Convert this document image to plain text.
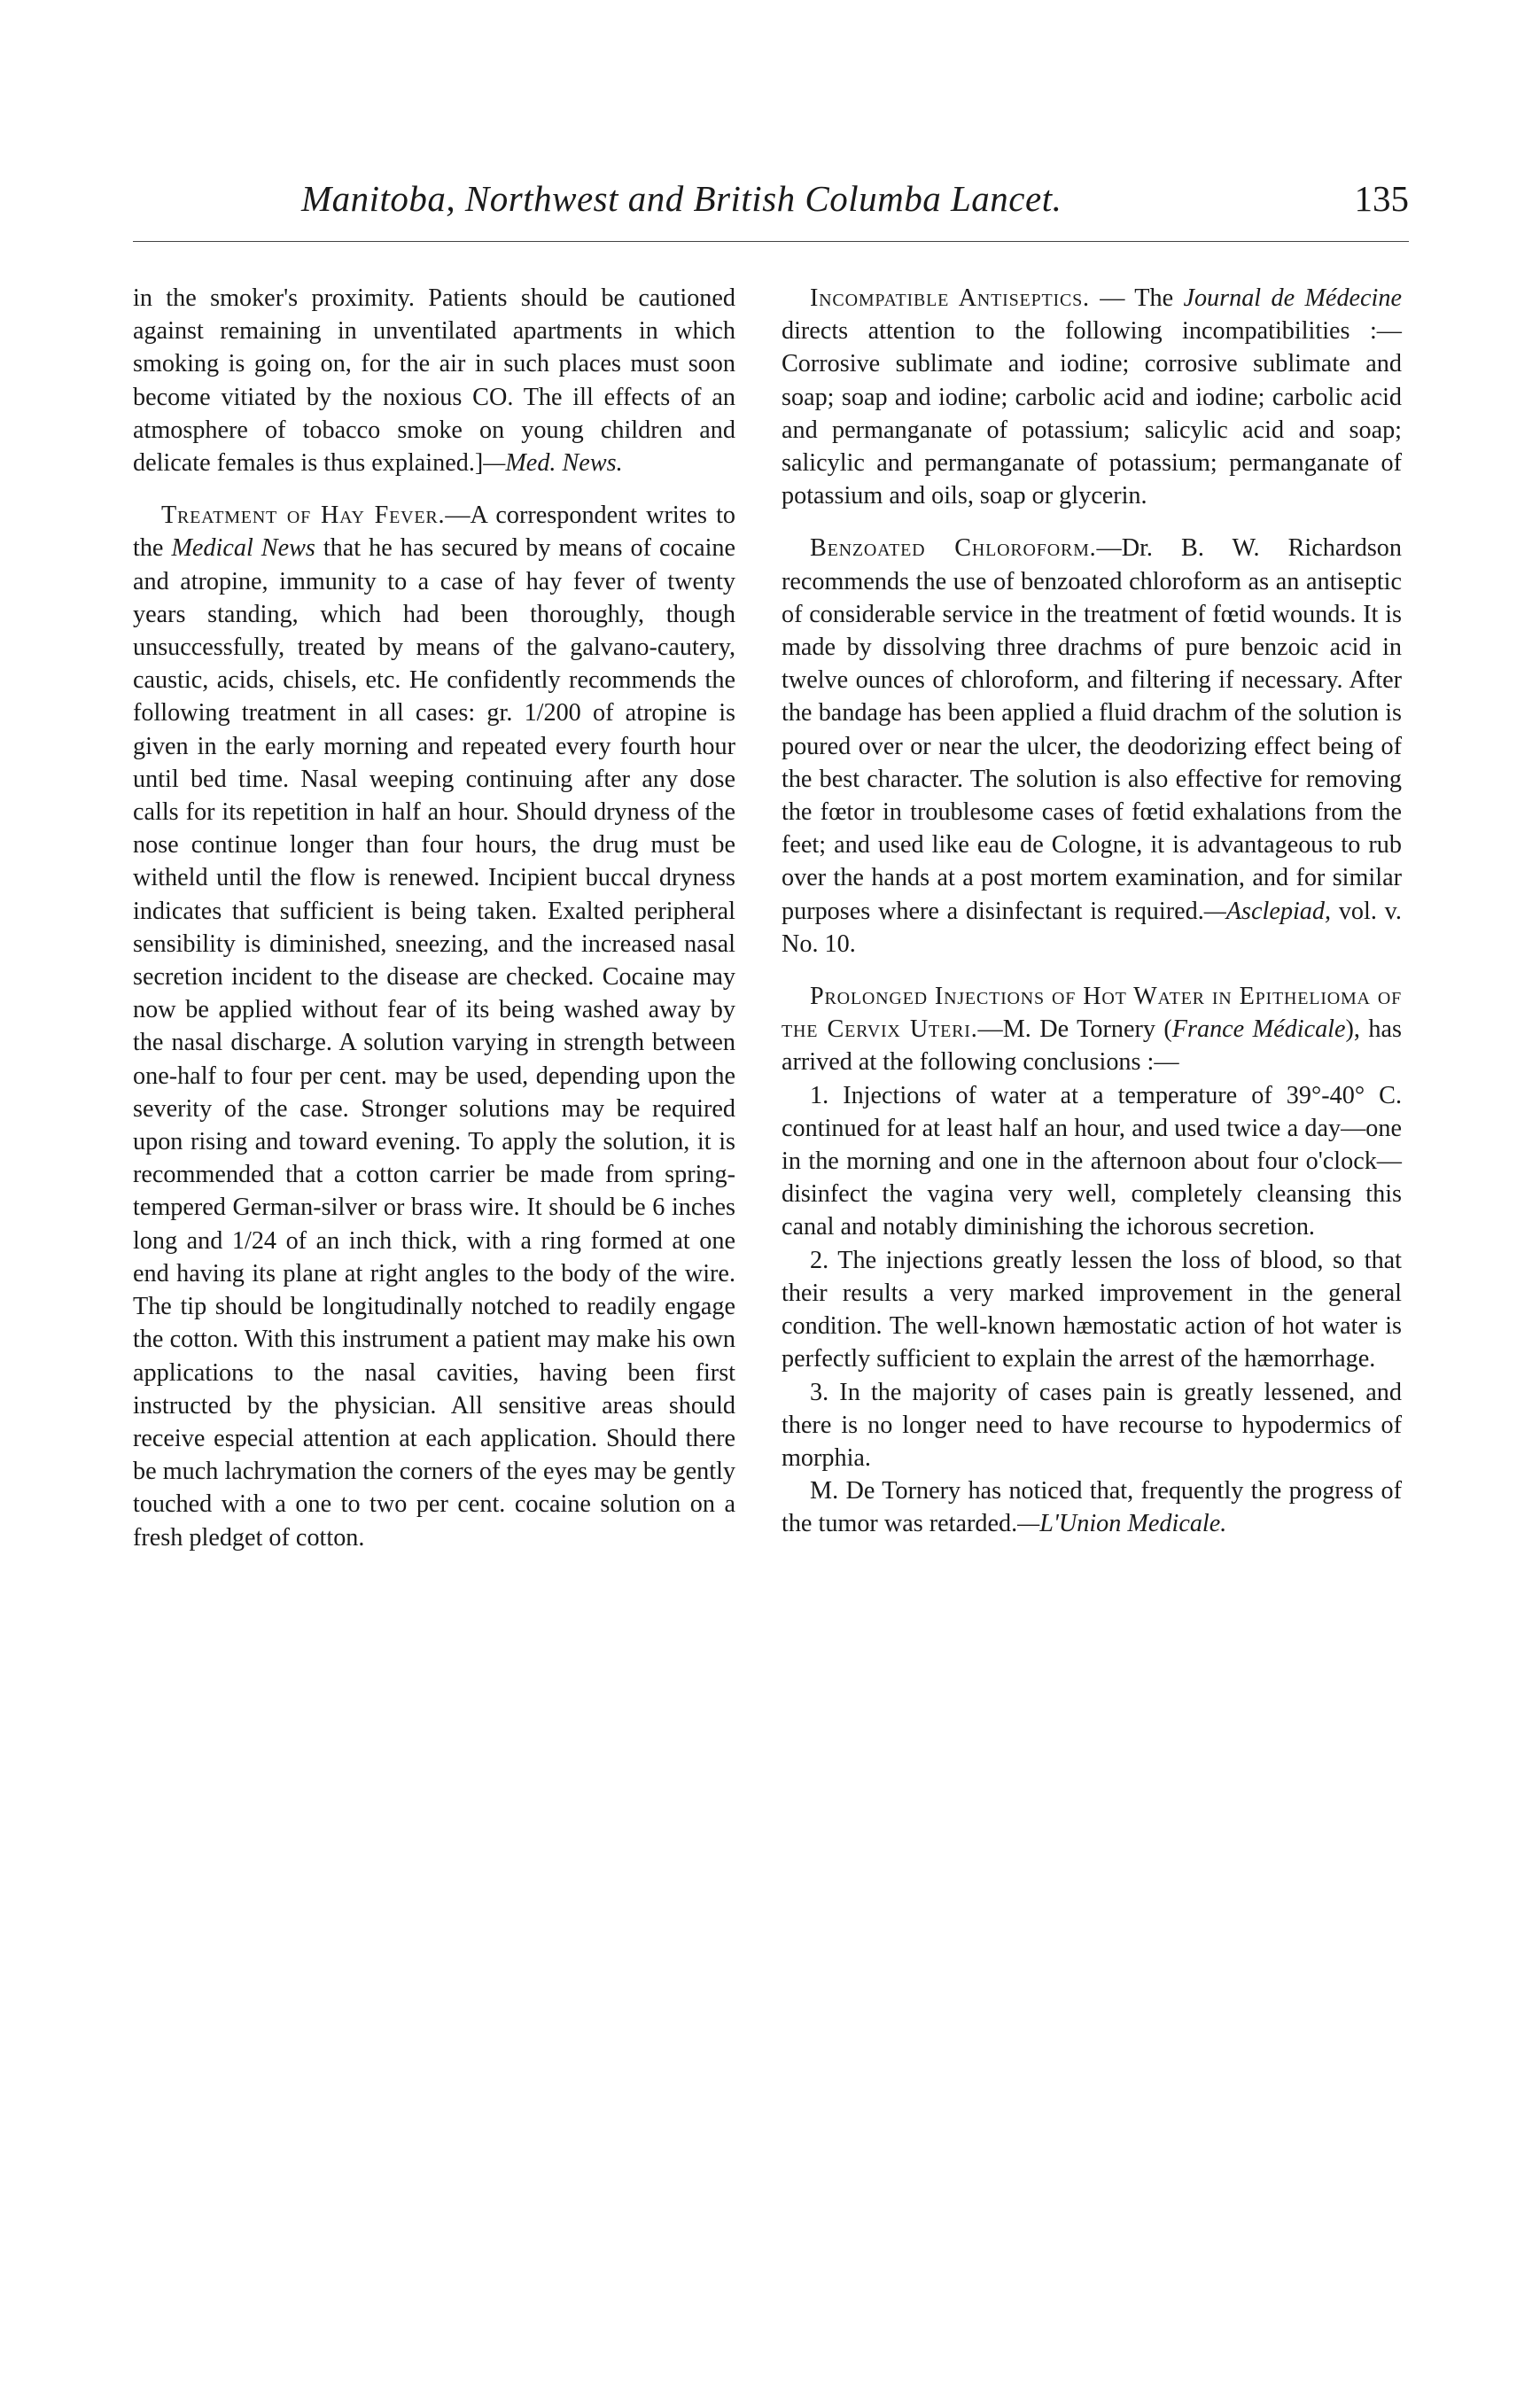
Manitoba, Northwest and British Columba Lancet.	135

in the smoker's proximity. Patients should be cautioned against remaining in unventilated apartments in which smoking is going on, for the air in such places must soon become vitiated by the noxious CO. The ill effects of an atmosphere of tobacco smoke on young children and delicate females is thus explained.]—Med. News.

Treatment of Hay Fever.—A correspondent writes to the Medical News that he has secured by means of cocaine and atropine, immunity to a case of hay fever of twenty years standing, which had been thoroughly, though unsuccessfully, treated by means of the galvano-cautery, caustic, acids, chisels, etc. He confidently recommends the following treatment in all cases: gr. 1/200 of atropine is given in the early morning and repeated every fourth hour until bed time. Nasal weeping continuing after any dose calls for its repetition in half an hour. Should dryness of the nose continue longer than four hours, the drug must be witheld until the flow is renewed. Incipient buccal dryness indicates that sufficient is being taken. Exalted peripheral sensibility is diminished, sneezing, and the increased nasal secretion incident to the disease are checked. Cocaine may now be applied without fear of its being washed away by the nasal discharge. A solution varying in strength between one-half to four per cent. may be used, depending upon the severity of the case. Stronger solutions may be required upon rising and toward evening. To apply the solution, it is recommended that a cotton carrier be made from spring-tempered German-silver or brass wire. It should be 6 inches long and 1/24 of an inch thick, with a ring formed at one end having its plane at right angles to the body of the wire. The tip should be longitudinally notched to readily engage the cotton. With this instrument a patient may make his own applications to the nasal cavities, having been first instructed by the physician. All sensitive areas should receive especial attention at each application. Should there be much lachrymation the corners of the eyes may be gently touched with a one to two per cent. cocaine solution on a fresh pledget of cotton.

Incompatible Antiseptics. — The Journal de Médecine directs attention to the following incompatibilities :—Corrosive sublimate and iodine; corrosive sublimate and soap; soap and iodine; carbolic acid and iodine; carbolic acid and permanganate of potassium; salicylic acid and soap; salicylic and permanganate of potassium; permanganate of potassium and oils, soap or glycerin.

Benzoated Chloroform.—Dr. B. W. Richardson recommends the use of benzoated chloroform as an antiseptic of considerable service in the treatment of fœtid wounds. It is made by dissolving three drachms of pure benzoic acid in twelve ounces of chloroform, and filtering if necessary. After the bandage has been applied a fluid drachm of the solution is poured over or near the ulcer, the deodorizing effect being of the best character. The solution is also effective for removing the fœtor in troublesome cases of fœtid exhalations from the feet; and used like eau de Cologne, it is advantageous to rub over the hands at a post mortem examination, and for similar purposes where a disinfectant is required.—Asclepiad, vol. v. No. 10.

Prolonged Injections of Hot Water in Epithelioma of the Cervix Uteri.—M. De Tornery (France Médicale), has arrived at the following conclusions :—

1. Injections of water at a temperature of 39°-40° C. continued for at least half an hour, and used twice a day—one in the morning and one in the afternoon about four o'clock—disinfect the vagina very well, completely cleansing this canal and notably diminishing the ichorous secretion.

2. The injections greatly lessen the loss of blood, so that their results a very marked improvement in the general condition. The well-known hæmostatic action of hot water is perfectly sufficient to explain the arrest of the hæmorrhage.

3. In the majority of cases pain is greatly lessened, and there is no longer need to have recourse to hypodermics of morphia.

M. De Tornery has noticed that, frequently the progress of the tumor was retarded.—L'Union Medicale.
